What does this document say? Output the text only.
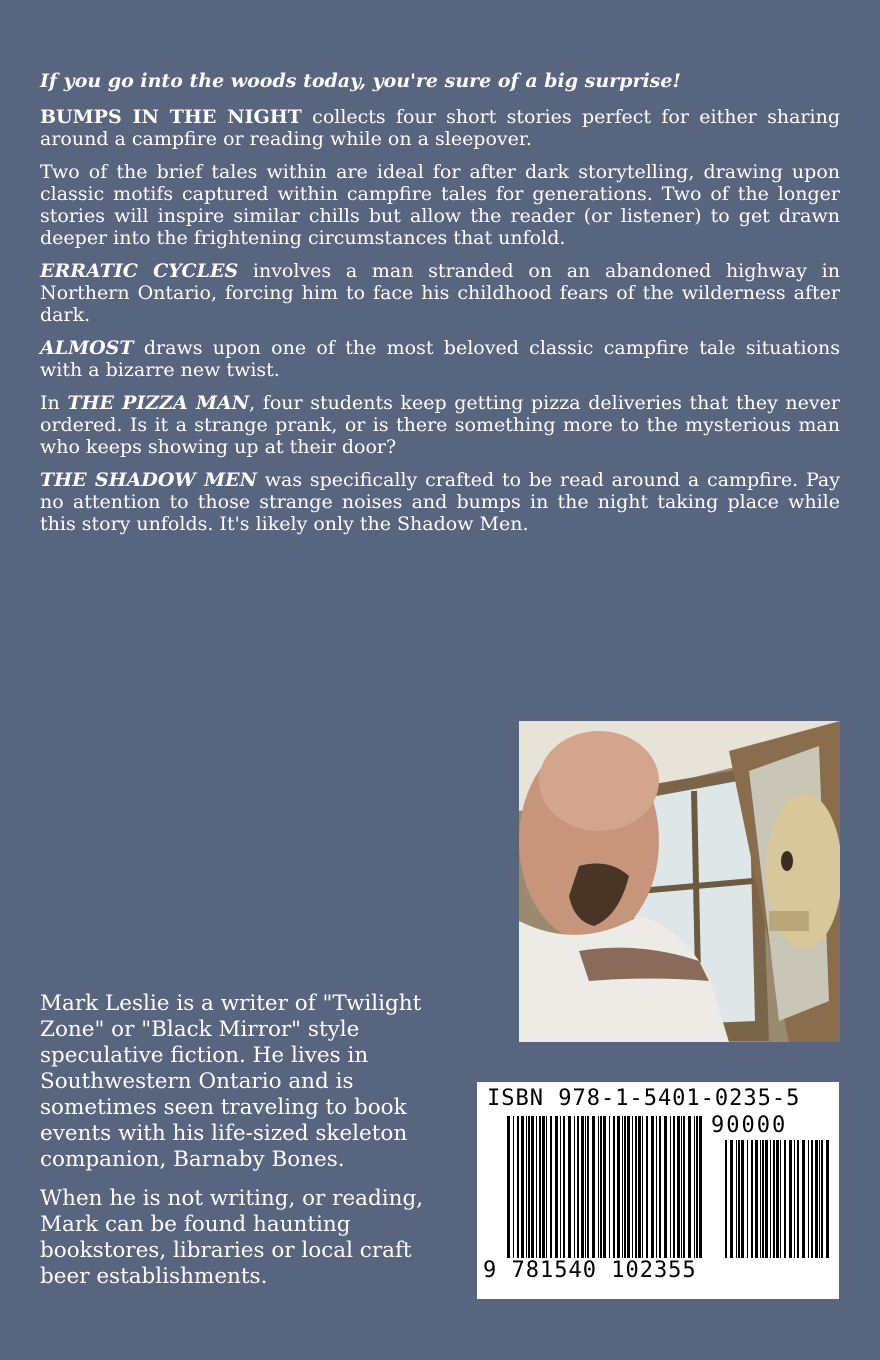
If you go into the woods today, you're sure of a big surprise!

BUMPS IN THE NIGHT collects four short stories perfect for either sharing around a campfire or reading while on a sleepover.

Two of the brief tales within are ideal for after dark storytelling, drawing upon classic motifs captured within campfire tales for generations. Two of the longer stories will inspire similar chills but allow the reader (or listener) to get drawn deeper into the frightening circumstances that unfold.

ERRATIC CYCLES involves a man stranded on an abandoned highway in Northern Ontario, forcing him to face his childhood fears of the wilderness after dark.

ALMOST draws upon one of the most beloved classic campfire tale situations with a bizarre new twist.

In THE PIZZA MAN, four students keep getting pizza deliveries that they never ordered. Is it a strange prank, or is there something more to the mysterious man who keeps showing up at their door?

THE SHADOW MEN was specifically crafted to be read around a campfire. Pay no attention to those strange noises and bumps in the night taking place while this story unfolds. It's likely only the Shadow Men.

Mark Leslie is a writer of "Twilight Zone" or "Black Mirror" style speculative fiction. He lives in Southwestern Ontario and is sometimes seen traveling to book events with his life-sized skeleton companion, Barnaby Bones.

When he is not writing, or reading, Mark can be found haunting bookstores, libraries or local craft beer establishments.

ISBN 978-1-5401-0235-5
90000
9 781540 102355
